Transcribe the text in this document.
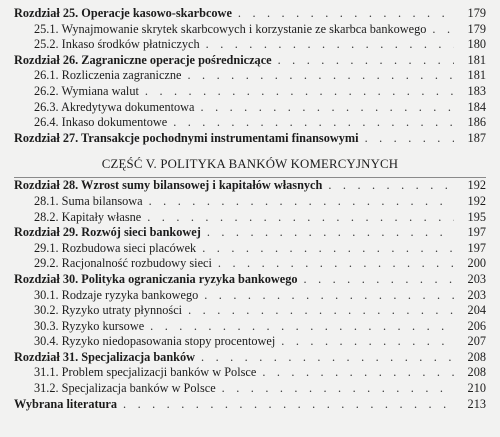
Rozdział 25. Operacje kasowo-skarbcowe . . .	179
25.1. Wynajmowanie skrytek skarbcowych i korzystanie ze skarbca bankowego . . .	179
25.2. Inkaso środków płatniczych . . .	180
Rozdział 26. Zagraniczne operacje pośredniczące . . .	181
26.1. Rozliczenia zagraniczne . . .	181
26.2. Wymiana walut . . .	183
26.3. Akredytywa dokumentowa . . .	184
26.4. Inkaso dokumentowe . . .	186
Rozdział 27. Transakcje pochodnymi instrumentami finansowymi . . .	187
CZĘŚĆ V. POLITYKA BANKÓW KOMERCYJNYCH
Rozdział 28. Wzrost sumy bilansowej i kapitałów własnych . . .	192
28.1. Suma bilansowa . . .	192
28.2. Kapitały własne . . .	195
Rozdział 29. Rozwój sieci bankowej . . .	197
29.1. Rozbudowa sieci placówek . . .	197
29.2. Racjonalność rozbudowy sieci . . .	200
Rozdział 30. Polityka ograniczania ryzyka bankowego . . .	203
30.1. Rodzaje ryzyka bankowego . . .	203
30.2. Ryzyko utraty płynności . . .	204
30.3. Ryzyko kursowe . . .	206
30.4. Ryzyko niedopasowania stopy procentowej . . .	207
Rozdział 31. Specjalizacja banków . . .	208
31.1. Problem specjalizacji banków w Polsce . . .	208
31.2. Specjalizacja banków w Polsce . . .	210
Wybrana literatura . . .	213
